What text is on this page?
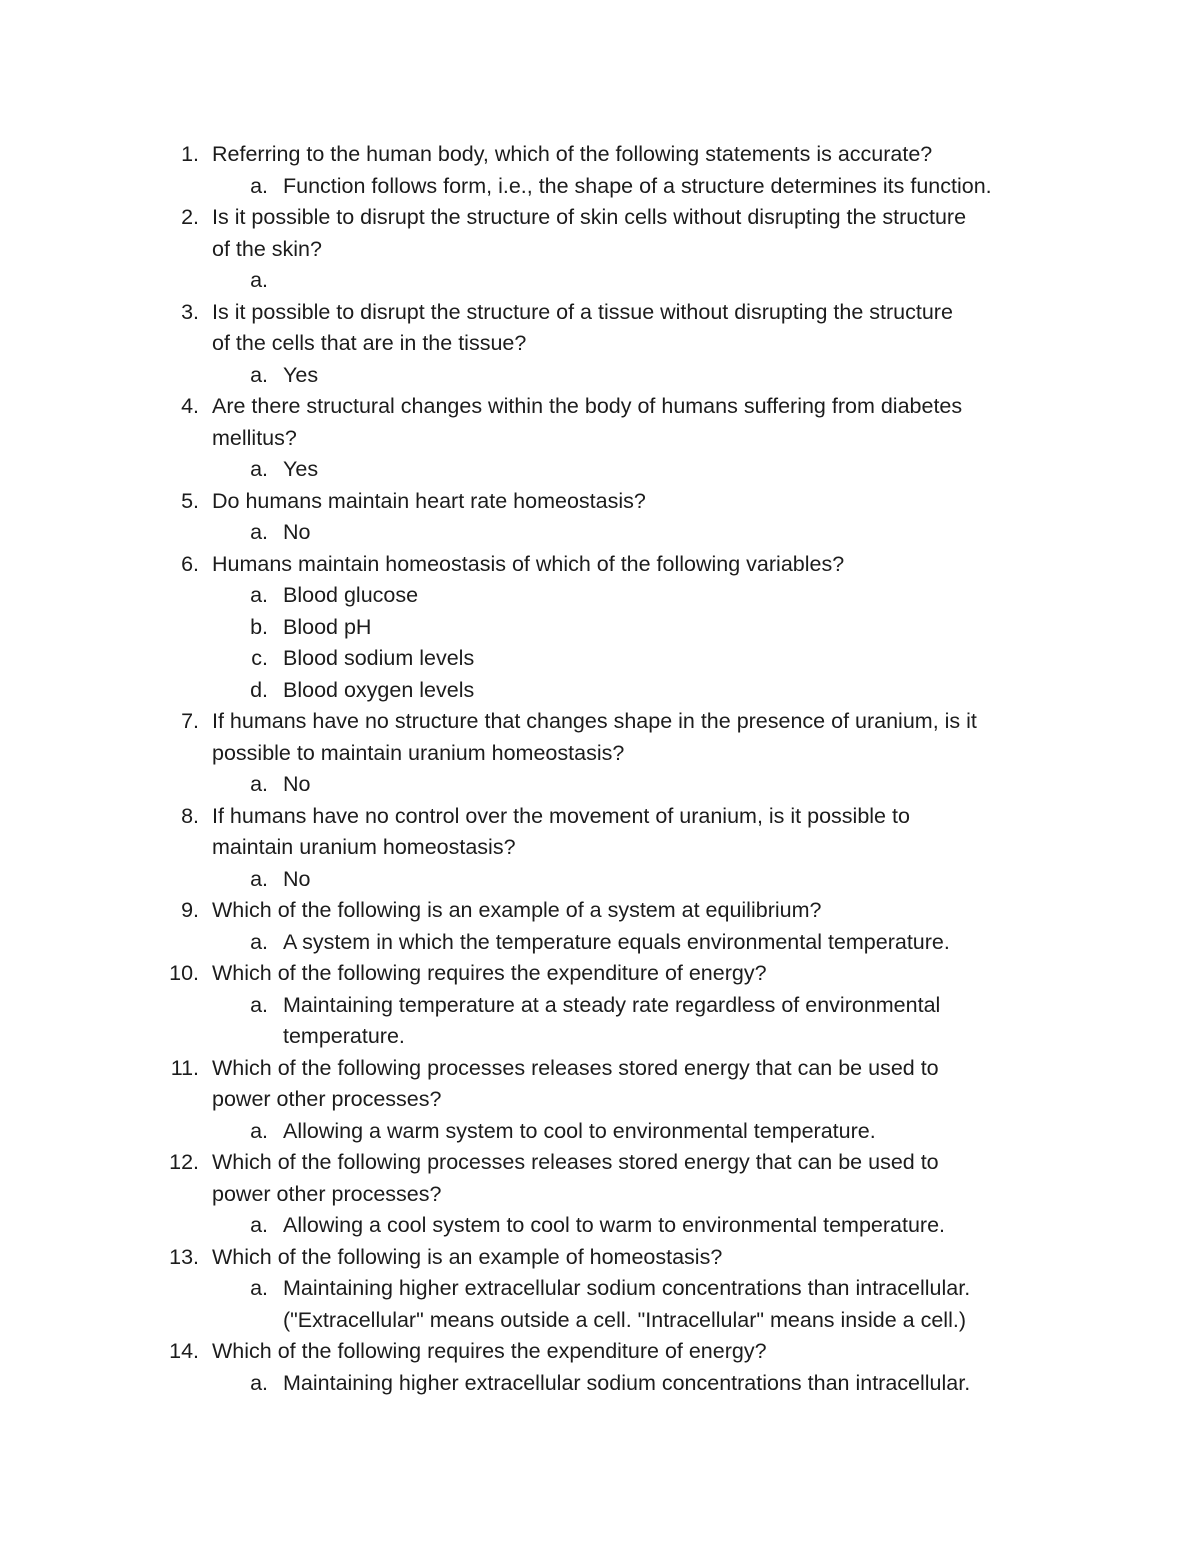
1. Referring to the human body, which of the following statements is accurate?
a. Function follows form, i.e., the shape of a structure determines its function.
2. Is it possible to disrupt the structure of skin cells without disrupting the structure
of the skin?
a.
3. Is it possible to disrupt the structure of a tissue without disrupting the structure
of the cells that are in the tissue?
a. Yes
4. Are there structural changes within the body of humans suffering from diabetes
mellitus?
a. Yes
5. Do humans maintain heart rate homeostasis?
a. No
6. Humans maintain homeostasis of which of the following variables?
a. Blood glucose
b. Blood pH
c. Blood sodium levels
d. Blood oxygen levels
7. If humans have no structure that changes shape in the presence of uranium, is it
possible to maintain uranium homeostasis?
a. No
8. If humans have no control over the movement of uranium, is it possible to
maintain uranium homeostasis?
a. No
9. Which of the following is an example of a system at equilibrium?
a. A system in which the temperature equals environmental temperature.
10. Which of the following requires the expenditure of energy?
a. Maintaining temperature at a steady rate regardless of environmental
temperature.
11. Which of the following processes releases stored energy that can be used to
power other processes?
a. Allowing a warm system to cool to environmental temperature.
12. Which of the following processes releases stored energy that can be used to
power other processes?
a. Allowing a cool system to cool to warm to environmental temperature.
13. Which of the following is an example of homeostasis?
a. Maintaining higher extracellular sodium concentrations than intracellular.
("Extracellular" means outside a cell. "Intracellular" means inside a cell.)
14. Which of the following requires the expenditure of energy?
a. Maintaining higher extracellular sodium concentrations than intracellular.
